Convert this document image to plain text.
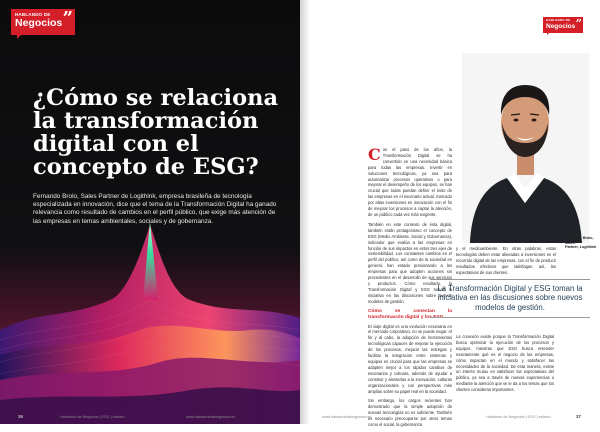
HABLANDO DE
Negocios ”
¿Cómo se relaciona la transformación digital con el concepto de ESG?

Fernando Brolo, Sales Partner de Logithink, empresa brasileña de tecnología especializada en innovación, dice que el tema de la Transformación Digital ha ganado relevancia como resultado de cambios en el perfil público, que exige más atención de las empresas en temas ambientales, sociales y de gobernanza.

36	Hablando de Negocios | ESG | edición	www.hablandodenegocios.es	www.hablandodenegocios.es	Hablando de Negocios | ESG | edición	37
HABLANDO DE
Negocios ”
Fernando Brolo, Sales
Partner, Logithink

Con el paso de los años, la Transformación Digital se ha convertido en una necesidad básica para todas las empresas. Invertir en soluciones tecnológicas, ya sea para automatizar procesos operativos o para mejorar el desempeño de los equipos, se han crucial que todas puedan definir el éxito de las empresas en el escenario actual, marcado por altas inversiones en innovación con el fin de mejorar los procesos a captar la atención, de un público cada vez más exigente.

También en este contexto de ésta digital, también están protagonismo el concepto de ESG (Medio Ambiente, Social y Gobernanza), indicador que evalúa a las empresas en función de sus impactos en estos tres ejes de sostenibilidad. Los constantes cambios en el perfil del público, así como de la sociedad en general, han estado presionando a las empresas para que adopten acciones sin precedentes en el desarrollo de sus servicios y productos. Cómo resultado, la Transformación Digital y ESG toman la iniciativa en las discusiones sobre nuevos modelos de gestión.

Cómo se conectan la transformación digital y los ESG

El viaje digital es una evolución necesaria en el mercado corporativo, no se puede negar. Al fin y al cabo, la adopción de herramientas tecnológicas capaces de mejorar la ejecución de los procesos, mejorar las entregas y facilitar la integración entre sistemas y equipos es crucial para que las empresas se adapten mejor a los rápidos cambios de escenarios y culturas, además de ayudar a construir y alentarlas a la innovación, culturas organizacionales y con perspectivas más amplias sobre su papel real en la sociedad.

Sin embargo, los cargos recientes han demostrado que la simple adopción de nuevas tecnologías no es suficiente. También es necesario preocuparse por otros temas como el social, la gobernanza

y el medioambiente. En otras palabras, estas tecnologías deben estar alineadas a inversiones en el recorrido digital de las empresas, con el fin de producir resultados efectivos que satisfagan, así, las expectativas de sus clientes.

La Transformación Digital y ESG toman la iniciativa en las discusiones sobre nuevos modelos de gestión.

La conexión existe porque la Transformación Digital busca optimizar la ejecución de los procesos y equipos, mientras que ESG busca entender exactamente qué es el negocio de las empresas, cómo impactan en el mundo y satisfacer las necesidades de la sociedad. De esta manera, existe un interés mutuo en satisfacer las expectativas del público, ya sea a través de nuevas experiencias o mediante la atención que se le da a los temas que los clientes consideran importantes.
